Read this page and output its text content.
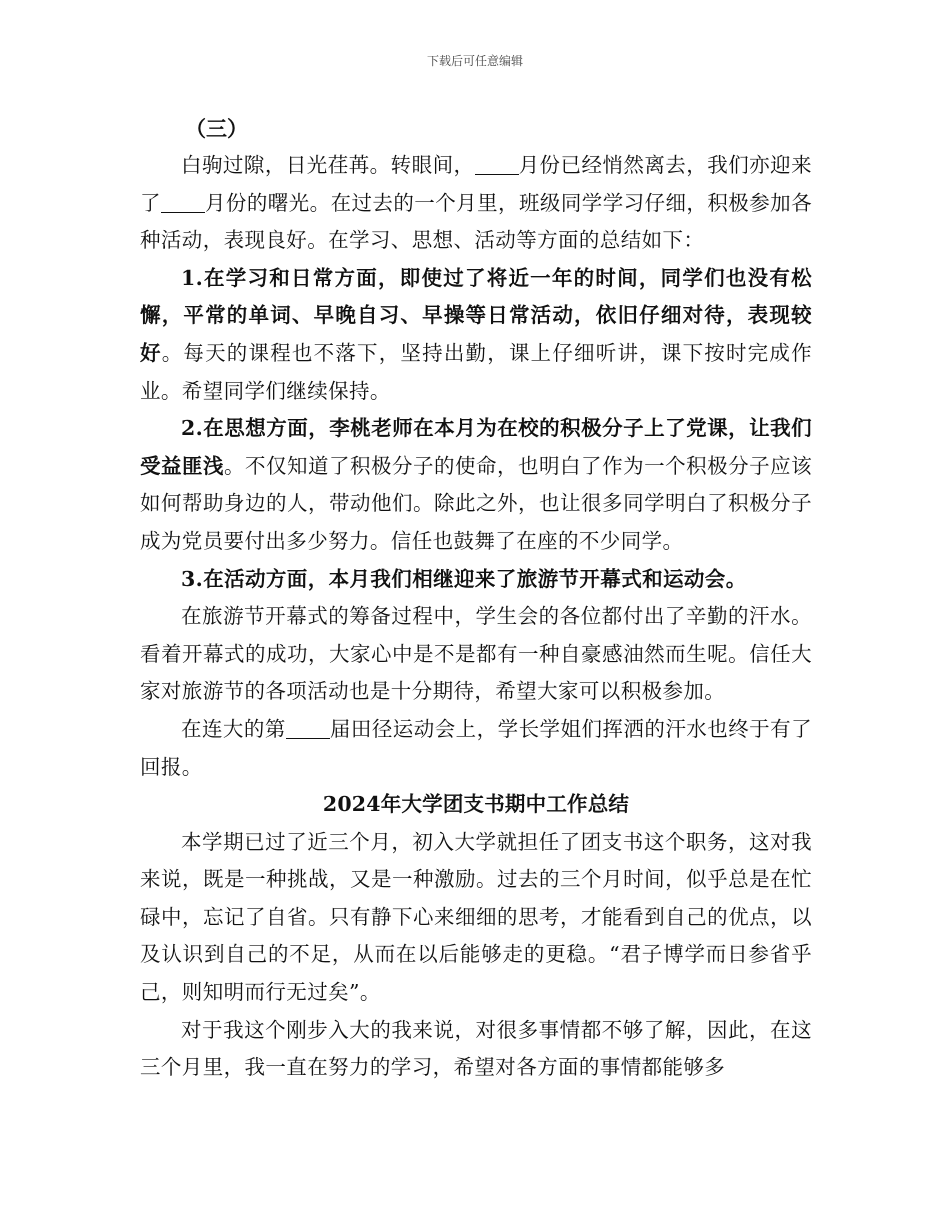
下载后可任意编辑
（三）

白驹过隙，日光荏苒。转眼间， 月份已经悄然离去，我们亦迎来了 月份的曙光。在过去的一个月里，班级同学学习仔细，积极参加各种活动，表现良好。在学习、思想、活动等方面的总结如下：

1.在学习和日常方面，即使过了将近一年的时间，同学们也没有松懈，平常的单词、早晚自习、早操等日常活动，依旧仔细对待，表现较好。每天的课程也不落下，坚持出勤，课上仔细听讲，课下按时完成作业。希望同学们继续保持。

2.在思想方面，李桃老师在本月为在校的积极分子上了党课，让我们受益匪浅。不仅知道了积极分子的使命，也明白了作为一个积极分子应该如何帮助身边的人，带动他们。除此之外，也让很多同学明白了积极分子成为党员要付出多少努力。信任也鼓舞了在座的不少同学。

3.在活动方面，本月我们相继迎来了旅游节开幕式和运动会。

在旅游节开幕式的筹备过程中，学生会的各位都付出了辛勤的汗水。看着开幕式的成功，大家心中是不是都有一种自豪感油然而生呢。信任大家对旅游节的各项活动也是十分期待，希望大家可以积极参加。

在连大的第 届田径运动会上，学长学姐们挥洒的汗水也终于有了回报。

2024年大学团支书期中工作总结

本学期已过了近三个月，初入大学就担任了团支书这个职务，这对我来说，既是一种挑战，又是一种激励。过去的三个月时间，似乎总是在忙碌中，忘记了自省。只有静下心来细细的思考，才能看到自己的优点，以及认识到自己的不足，从而在以后能够走的更稳。“君子博学而日参省乎己，则知明而行无过矣”。

对于我这个刚步入大的我来说，对很多事情都不够了解，因此，在这三个月里，我一直在努力的学习，希望对各方面的事情都能够多
